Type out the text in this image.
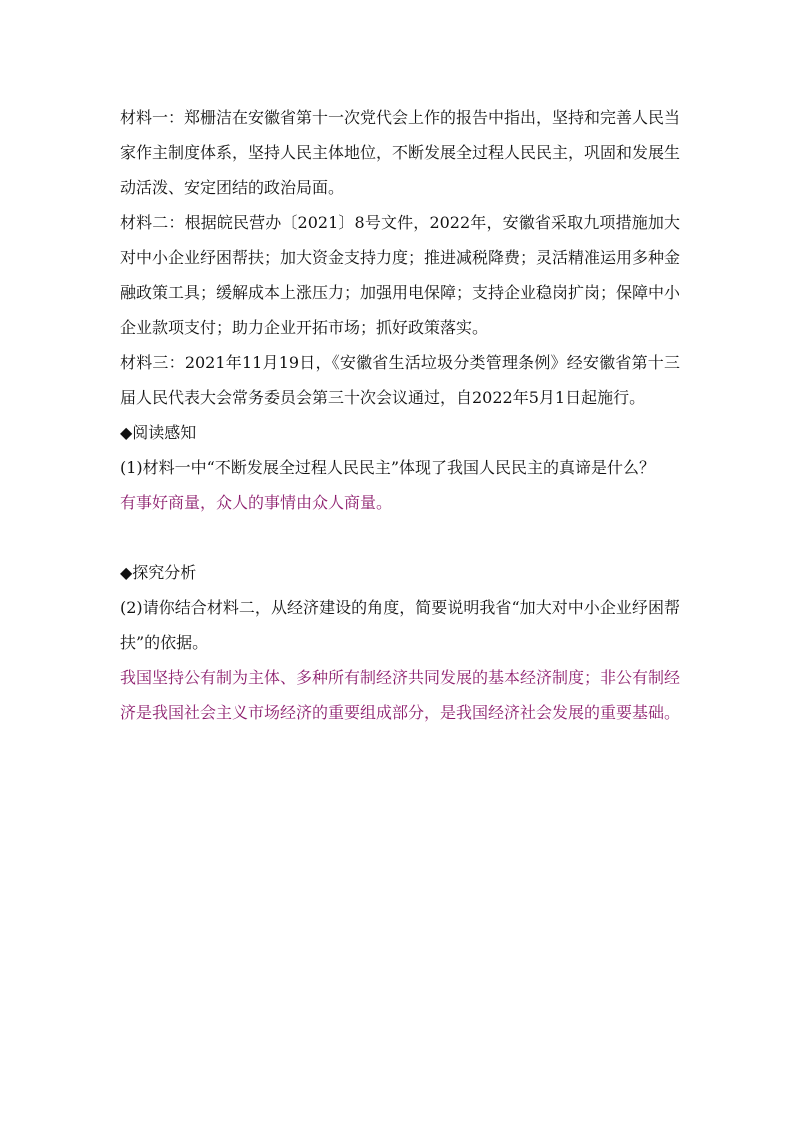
材料一：郑栅洁在安徽省第十一次党代会上作的报告中指出，坚持和完善人民当家作主制度体系，坚持人民主体地位，不断发展全过程人民民主，巩固和发展生动活泼、安定团结的政治局面。

材料二：根据皖民营办〔2021〕8号文件，2022年，安徽省采取九项措施加大对中小企业纾困帮扶；加大资金支持力度；推进减税降费；灵活精准运用多种金融政策工具；缓解成本上涨压力；加强用电保障；支持企业稳岗扩岗；保障中小企业款项支付；助力企业开拓市场；抓好政策落实。

材料三：2021年11月19日，《安徽省生活垃圾分类管理条例》经安徽省第十三届人民代表大会常务委员会第三十次会议通过，自2022年5月1日起施行。

◆阅读感知

(1)材料一中“不断发展全过程人民民主”体现了我国人民民主的真谛是什么？

有事好商量，众人的事情由众人商量。

◆探究分析

(2)请你结合材料二，从经济建设的角度，简要说明我省“加大对中小企业纾困帮扶”的依据。

我国坚持公有制为主体、多种所有制经济共同发展的基本经济制度；非公有制经济是我国社会主义市场经济的重要组成部分，是我国经济社会发展的重要基础。
